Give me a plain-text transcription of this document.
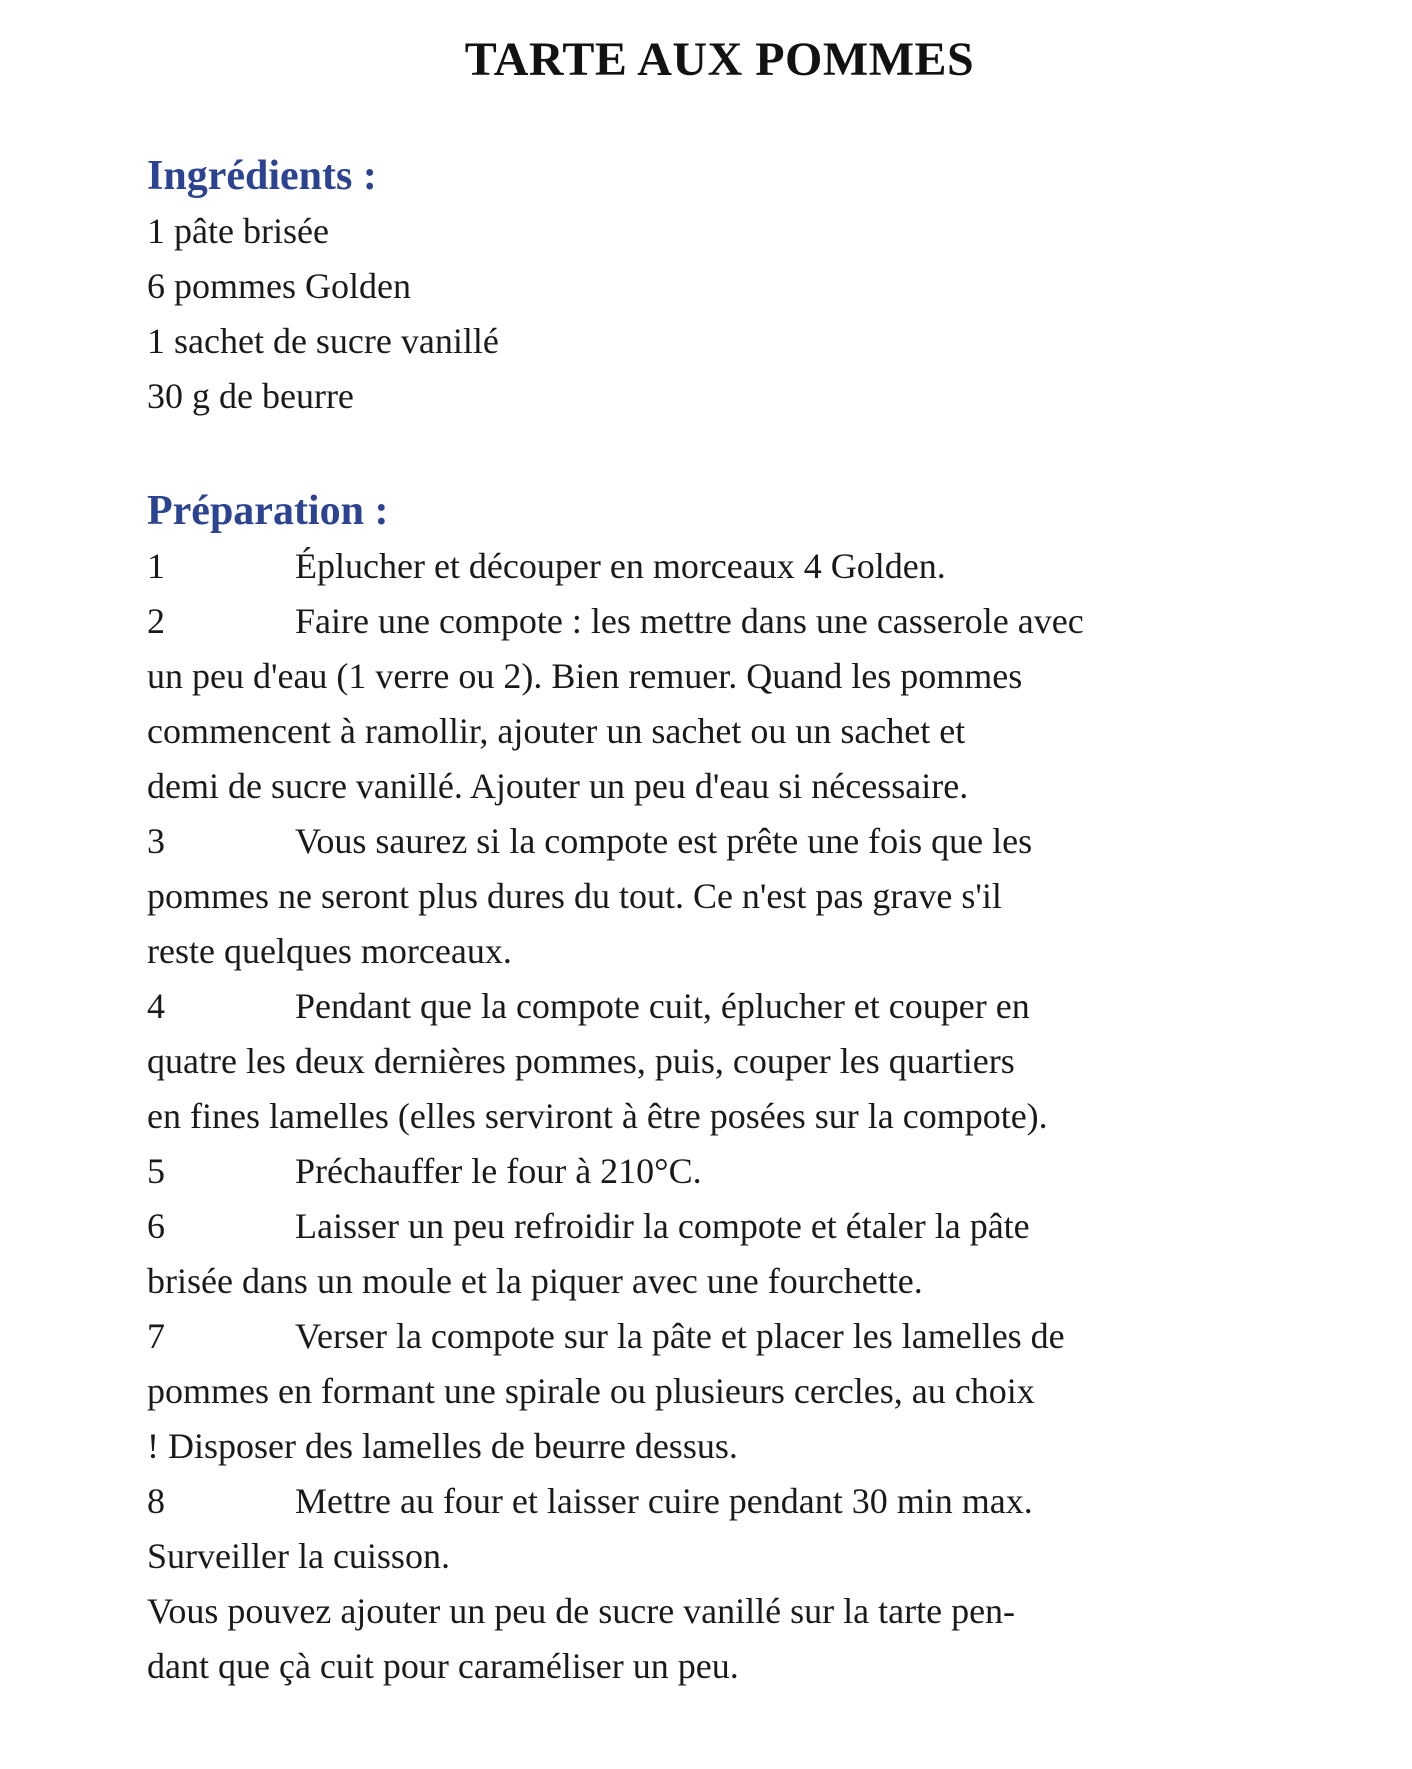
TARTE AUX POMMES
Ingrédients :
1 pâte brisée
6 pommes Golden
1 sachet de sucre vanillé
30 g de beurre
Préparation :
1	Éplucher et découper en morceaux 4 Golden.
2	Faire une compote : les mettre dans une casserole avec
un peu d'eau (1 verre ou 2). Bien remuer. Quand les pommes
commencent à ramollir, ajouter un sachet ou un sachet et
demi de sucre vanillé. Ajouter un peu d'eau si nécessaire.
3	Vous saurez si la compote est prête une fois que les
pommes ne seront plus dures du tout. Ce n'est pas grave s'il
reste quelques morceaux.
4	Pendant que la compote cuit, éplucher et couper en
quatre les deux dernières pommes, puis, couper les quartiers
en fines lamelles (elles serviront à être posées sur la compote).
5	Préchauffer le four à 210°C.
6	Laisser un peu refroidir la compote et étaler la pâte
brisée dans un moule et la piquer avec une fourchette.
7	Verser la compote sur la pâte et placer les lamelles de
pommes en formant une spirale ou plusieurs cercles, au choix
! Disposer des lamelles de beurre dessus.
8	Mettre au four et laisser cuire pendant 30 min max.
Surveiller la cuisson.
Vous pouvez ajouter un peu de sucre vanillé sur la tarte pen-
dant que çà cuit pour caraméliser un peu.
